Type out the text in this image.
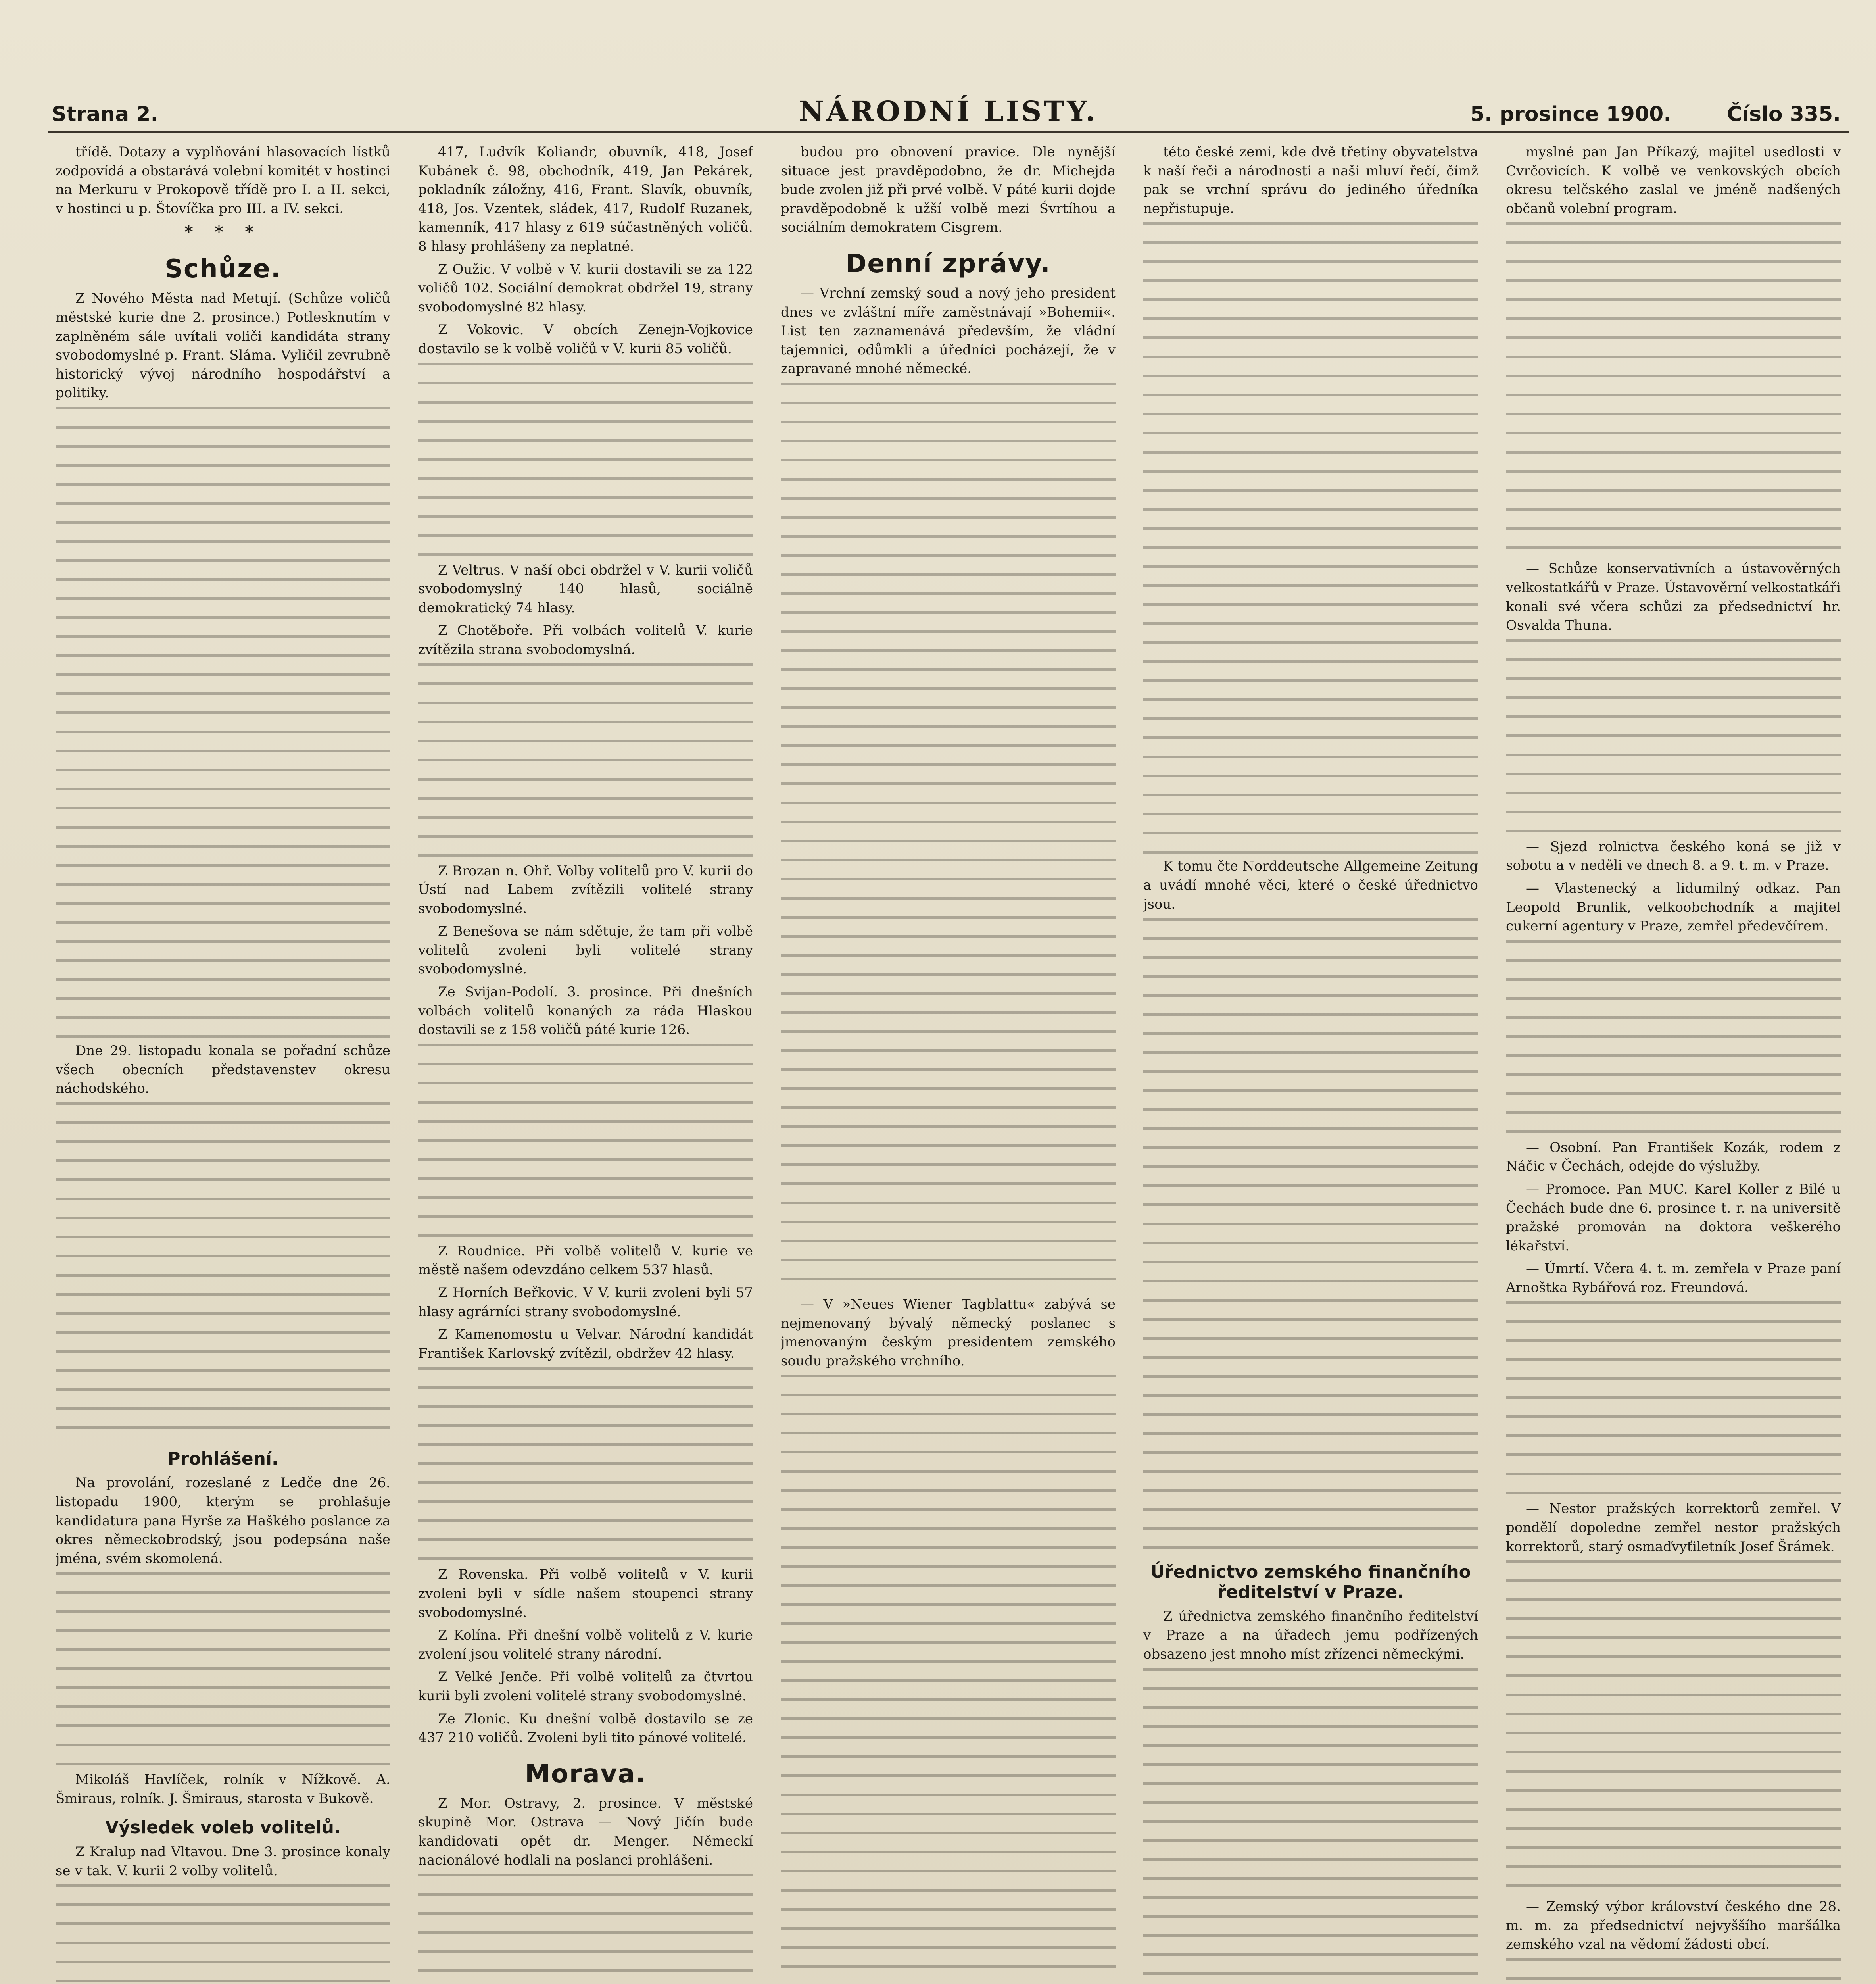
Strana 2.	NÁRODNÍ LISTY.	5. prosince 1900.	Číslo 335.

třídě. Dotazy a vyplňování hlasovacích lístků zodpovídá a obstarává volební komitét v hostinci na Merkuru v Prokopově třídě pro I. a II. sekci, v hostinci u p. Štovíčka pro III. a IV. sekci.

* * *

Schůze.

Z Nového Města nad Metují. (Schůze voličů městské kurie dne 2. prosince.) Potlesknutím v zaplněném sále uvítali voliči kandidáta strany svobodomyslné p. Frant. Sláma. Vyličil zevrubně historický vývoj národního hospodářství a politiky.

Dne 29. listopadu konala se pořadní schůze všech obecních představenstev okresu náchodského.

Prohlášení.

Na provolání, rozeslané z Ledče dne 26. listopadu 1900, kterým se prohlašuje kandidatura pana Hyrše za Haškého poslance za okres německobrodský, jsou podepsána naše jména, svém skomolená.

Mikoláš Havlíček, rolník v Nížkově. A. Šmiraus, rolník. J. Šmiraus, starosta v Bukově.

Výsledek voleb volitelů.

Z Kralup nad Vltavou. Dne 3. prosince konaly se v tak. V. kurii 2 volby volitelů.

417, Ludvík Koliandr, obuvník, 418, Josef Kubánek č. 98, obchodník, 419, Jan Pekárek, pokladník záložny, 416, Frant. Slavík, obuvník, 418, Jos. Vzentek, sládek, 417, Rudolf Ruzanek, kamenník, 417 hlasy z 619 súčastněných voličů. 8 hlasy prohlášeny za neplatné.

Z Oužic. V volbě v V. kurii dostavili se za 122 voličů 102. Sociální demokrat obdržel 19, strany svobodomyslné 82 hlasy.

Z Vokovic. V obcích Zenejn-Vojkovice dostavilo se k volbě voličů v V. kurii 85 voličů.

Z Veltrus. V naší obci obdržel v V. kurii voličů svobodomyslný 140 hlasů, sociálně demokratický 74 hlasy.

Z Chotěboře. Při volbách volitelů V. kurie zvítězila strana svobodomyslná.

Z Brozan n. Ohř. Volby volitelů pro V. kurii do Ústí nad Labem zvítězili volitelé strany svobodomyslné.

Z Benešova se nám sdětuje, že tam při volbě volitelů zvoleni byli volitelé strany svobodomyslné.

Ze Svijan-Podolí. 3. prosince. Při dnešních volbách volitelů konaných za ráda Hlaskou dostavili se z 158 voličů páté kurie 126.

Z Roudnice. Při volbě volitelů V. kurie ve městě našem odevzdáno celkem 537 hlasů.

Z Horních Beřkovic. V V. kurii zvoleni byli 57 hlasy agrárníci strany svobodomyslné.

Z Kamenomostu u Velvar. Národní kandidát František Karlovský zvítězil, obdržev 42 hlasy.

Z Rovenska. Při volbě volitelů v V. kurii zvoleni byli v sídle našem stoupenci strany svobodomyslné.

Z Kolína. Při dnešní volbě volitelů z V. kurie zvolení jsou volitelé strany národní.

Z Velké Jenče. Při volbě volitelů za čtvrtou kurii byli zvoleni volitelé strany svobodomyslné.

Ze Zlonic. Ku dnešní volbě dostavilo se ze 437 210 voličů. Zvoleni byli tito pánové volitelé.

Morava.

Z Mor. Ostravy, 2. prosince. V městské skupině Mor. Ostrava — Nový Jičín bude kandidovati opět dr. Menger. Německí nacionálové hodlali na poslanci prohlášeni.

budou pro obnovení pravice. Dle nynější situace jest pravděpodobno, že dr. Michejda bude zvolen již při prvé volbě. V páté kurii dojde pravděpodobně k užší volbě mezi Śvrtíhou a sociálním demokratem Cisgrem.

Denní zprávy.

— Vrchní zemský soud a nový jeho president dnes ve zvláštní míře zaměstnávají »Bohemii«. List ten zaznamenává především, že vládní tajemníci, odůmkli a úředníci pocházejí, že v zapravané mnohé německé.

— V »Neues Wiener Tagblattu« zabývá se nejmenovaný bývalý německý poslanec s jmenovaným českým presidentem zemského soudu pražského vrchního.

této české zemi, kde dvě třetiny obyvatelstva k naší řeči a národnosti a naši mluví řečí, čímž pak se vrchní správu do jediného úředníka nepřistupuje.

K tomu čte Norddeutsche Allgemeine Zeitung a uvádí mnohé věci, které o české úřednictvo jsou.

Úřednictvo zemského finančního ředitelství v Praze.

Z úřednictva zemského finančního ředitelství v Praze a na úřadech jemu podřízených obsazeno jest mnoho míst zřízenci německými.

myslné pan Jan Příkazý, majitel usedlosti v Cvrčovicích. K volbě ve venkovských obcích okresu telčského zaslal ve jméně nadšených občanů volební program.

— Schůze konservativních a ústavověrných velkostatkářů v Praze. Ústavověrní velkostatkáři konali své včera schůzi za předsednictví hr. Osvalda Thuna.

— Sjezd rolnictva českého koná se již v sobotu a v neděli ve dnech 8. a 9. t. m. v Praze.

— Vlastenecký a lidumilný odkaz. Pan Leopold Brunlik, velkoobchodník a majitel cukerní agentury v Praze, zemřel předevčírem.

— Osobní. Pan František Kozák, rodem z Náčic v Čechách, odejde do výslužby.

— Promoce. Pan MUC. Karel Koller z Bilé u Čechách bude dne 6. prosince t. r. na universitě pražské promován na doktora veškerého lékařství.

— Úmrtí. Včera 4. t. m. zemřela v Praze paní Arnoštka Rybářová roz. Freundová.

— Nestor pražských korrektorů zemřel. V pondělí dopoledne zemřel nestor pražských korrektorů, starý osmaďvyťiletník Josef Šrámek.

— Zemský výbor království českého dne 28. m. m. za předsednictví nejvyššího maršálka zemského vzal na vědomí žádosti obcí.
